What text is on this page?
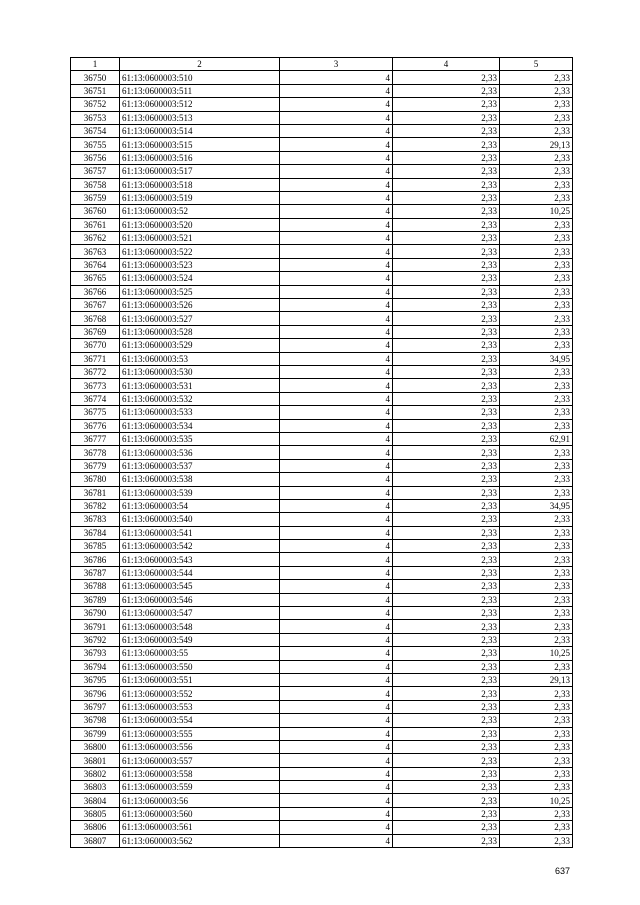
1	2	3	4	5
36750	61:13:0600003:510	4	2,33	2,33
36751	61:13:0600003:511	4	2,33	2,33
36752	61:13:0600003:512	4	2,33	2,33
36753	61:13:0600003:513	4	2,33	2,33
36754	61:13:0600003:514	4	2,33	2,33
36755	61:13:0600003:515	4	2,33	29,13
36756	61:13:0600003:516	4	2,33	2,33
36757	61:13:0600003:517	4	2,33	2,33
36758	61:13:0600003:518	4	2,33	2,33
36759	61:13:0600003:519	4	2,33	2,33
36760	61:13:0600003:52	4	2,33	10,25
36761	61:13:0600003:520	4	2,33	2,33
36762	61:13:0600003:521	4	2,33	2,33
36763	61:13:0600003:522	4	2,33	2,33
36764	61:13:0600003:523	4	2,33	2,33
36765	61:13:0600003:524	4	2,33	2,33
36766	61:13:0600003:525	4	2,33	2,33
36767	61:13:0600003:526	4	2,33	2,33
36768	61:13:0600003:527	4	2,33	2,33
36769	61:13:0600003:528	4	2,33	2,33
36770	61:13:0600003:529	4	2,33	2,33
36771	61:13:0600003:53	4	2,33	34,95
36772	61:13:0600003:530	4	2,33	2,33
36773	61:13:0600003:531	4	2,33	2,33
36774	61:13:0600003:532	4	2,33	2,33
36775	61:13:0600003:533	4	2,33	2,33
36776	61:13:0600003:534	4	2,33	2,33
36777	61:13:0600003:535	4	2,33	62,91
36778	61:13:0600003:536	4	2,33	2,33
36779	61:13:0600003:537	4	2,33	2,33
36780	61:13:0600003:538	4	2,33	2,33
36781	61:13:0600003:539	4	2,33	2,33
36782	61:13:0600003:54	4	2,33	34,95
36783	61:13:0600003:540	4	2,33	2,33
36784	61:13:0600003:541	4	2,33	2,33
36785	61:13:0600003:542	4	2,33	2,33
36786	61:13:0600003:543	4	2,33	2,33
36787	61:13:0600003:544	4	2,33	2,33
36788	61:13:0600003:545	4	2,33	2,33
36789	61:13:0600003:546	4	2,33	2,33
36790	61:13:0600003:547	4	2,33	2,33
36791	61:13:0600003:548	4	2,33	2,33
36792	61:13:0600003:549	4	2,33	2,33
36793	61:13:0600003:55	4	2,33	10,25
36794	61:13:0600003:550	4	2,33	2,33
36795	61:13:0600003:551	4	2,33	29,13
36796	61:13:0600003:552	4	2,33	2,33
36797	61:13:0600003:553	4	2,33	2,33
36798	61:13:0600003:554	4	2,33	2,33
36799	61:13:0600003:555	4	2,33	2,33
36800	61:13:0600003:556	4	2,33	2,33
36801	61:13:0600003:557	4	2,33	2,33
36802	61:13:0600003:558	4	2,33	2,33
36803	61:13:0600003:559	4	2,33	2,33
36804	61:13:0600003:56	4	2,33	10,25
36805	61:13:0600003:560	4	2,33	2,33
36806	61:13:0600003:561	4	2,33	2,33
36807	61:13:0600003:562	4	2,33	2,33
637
